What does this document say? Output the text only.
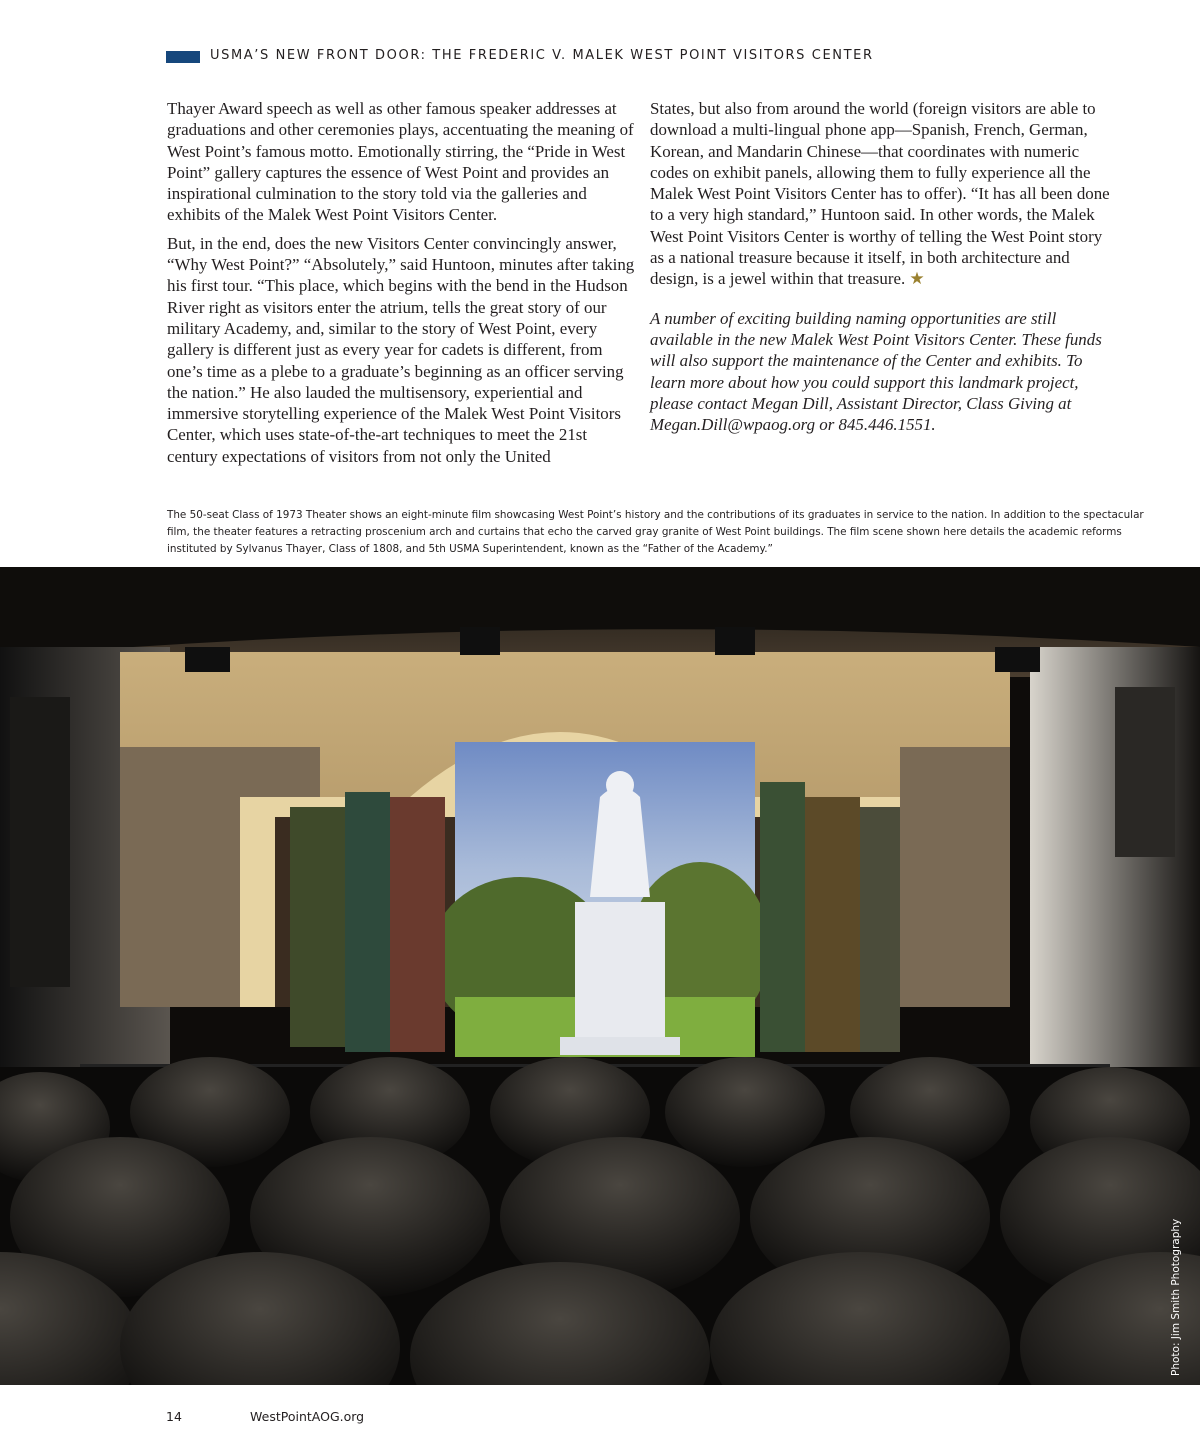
USMA’S NEW FRONT DOOR: THE FREDERIC V. MALEK WEST POINT VISITORS CENTER

Thayer Award speech as well as other famous speaker addresses at graduations and other ceremonies plays, accentuating the meaning of West Point’s famous motto. Emotionally stirring, the “Pride in West Point” gallery captures the essence of West Point and provides an inspirational culmination to the story told via the galleries and exhibits of the Malek West Point Visitors Center.

But, in the end, does the new Visitors Center convincingly answer, “Why West Point?” “Absolutely,” said Huntoon, minutes after taking his first tour. “This place, which begins with the bend in the Hudson River right as visitors enter the atrium, tells the great story of our military Academy, and, similar to the story of West Point, every gallery is different just as every year for cadets is different, from one’s time as a plebe to a graduate’s beginning as an officer serving the nation.” He also lauded the multisensory, experiential and immersive storytelling experience of the Malek West Point Visitors Center, which uses state-of-the-art techniques to meet the 21st century expectations of visitors from not only the United

States, but also from around the world (foreign visitors are able to download a multi-lingual phone app—Spanish, French, German, Korean, and Mandarin Chinese—that coordinates with numeric codes on exhibit panels, allowing them to fully experience all the Malek West Point Visitors Center has to offer). “It has all been done to a very high standard,” Huntoon said. In other words, the Malek West Point Visitors Center is worthy of telling the West Point story as a national treasure because it itself, in both architecture and design, is a jewel within that treasure. ★

A number of exciting building naming opportunities are still available in the new Malek West Point Visitors Center. These funds will also support the maintenance of the Center and exhibits. To learn more about how you could support this landmark project, please contact Megan Dill, Assistant Director, Class Giving at Megan.Dill@wpaog.org or 845.446.1551.

The 50-seat Class of 1973 Theater shows an eight-minute film showcasing West Point’s history and the contributions of its graduates in service to the nation. In addition to the spectacular film, the theater features a retracting proscenium arch and curtains that echo the carved gray granite of West Point buildings. The film scene shown here details the academic reforms instituted by Sylvanus Thayer, Class of 1808, and 5th USMA Superintendent, known as the “Father of the Academy.”
Photo: Jim Smith Photography
14	WestPointAOG.org
